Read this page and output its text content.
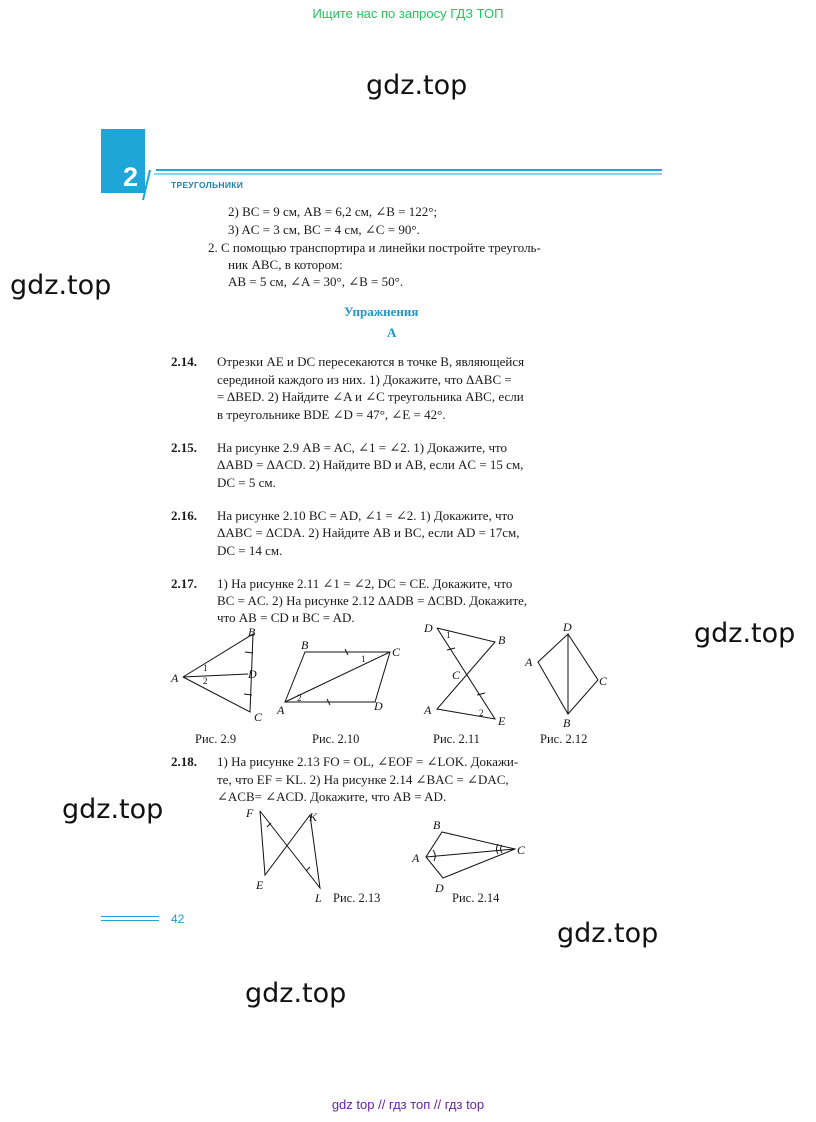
Ищите нас по запросу ГДЗ ТОП
gdz.top
gdz.top
gdz.top
gdz.top
gdz.top
gdz.top
2	ТРЕУГОЛЬНИКИ
2) BC = 9 см, AB = 6,2 см, ∠B = 122°;
3) AC = 3 см, BC = 4 см, ∠C = 90°.
2. С помощью транспортира и линейки постройте треуголь-
ник ABC, в котором:
AB = 5 см, ∠A = 30°, ∠B = 50°.
Упражнения
A
2.14. Отрезки AE и DC пересекаются в точке B, являющейся
серединой каждого из них. 1) Докажите, что ΔABC =
= ΔBED. 2) Найдите ∠A и ∠C треугольника ABC, если
в треугольнике BDE ∠D = 47°, ∠E = 42°.
2.15. На рисунке 2.9 AB = AC, ∠1 = ∠2. 1) Докажите, что
ΔABD = ΔACD. 2) Найдите BD и AB, если AC = 15 см,
DC = 5 см.
2.16. На рисунке 2.10 BC = AD, ∠1 = ∠2. 1) Докажите, что
ΔABC = ΔCDA. 2) Найдите AB и BC, если AD = 17см,
DC = 14 см.
2.17. 1) На рисунке 2.11 ∠1 = ∠2, DC = CE. Докажите, что
BC = AC. 2) На рисунке 2.12 ΔADB = ΔCBD. Докажите,
что AB = CD и BC = AD.
B
A	D
C
1
2
B	C
A	D
1
2
D
B
C
A
E
1
2
D
A
C
B
Рис. 2.9	Рис. 2.10	Рис. 2.11	Рис. 2.12
2.18. 1) На рисунке 2.13 FO = OL, ∠EOF = ∠LOK. Докажи-
те, что EF = KL. 2) На рисунке 2.14 ∠BAC = ∠DAC,
∠ACB= ∠ACD. Докажите, что AB = AD.
F	K
E
L
B
A
C
D
Рис. 2.13	Рис. 2.14
42
gdz top // гдз топ // гдз top
